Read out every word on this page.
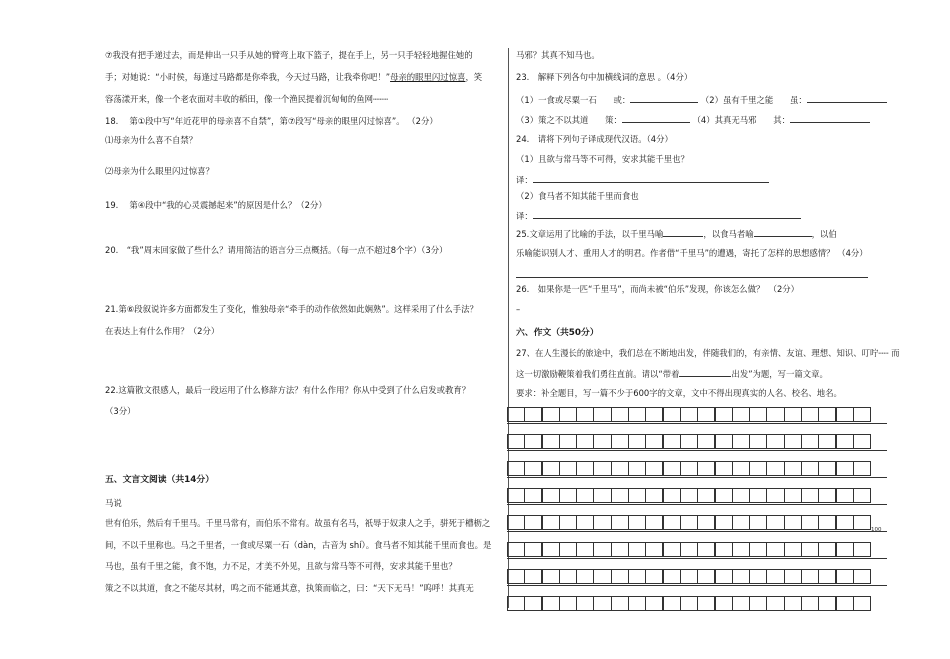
⑦我没有把手递过去，而是伸出一只手从她的臂弯上取下篮子，提在手上，另一只手轻轻地握住她的
手；对她说：“小时侯，每逢过马路都是你牵我，今天过马路，让我牵你吧！”母亲的眼里闪过惊喜，笑
容荡漾开来，像一个老农面对丰收的稻田，像一个渔民提着沉甸甸的鱼网┄┄┄
18.　 第①段中写“年近花甲的母亲喜不自禁”，第⑦段写“母亲的眼里闪过惊喜”。 （2分）
⑴母亲为什么喜不自禁？
⑵母亲为什么眼里闪过惊喜？
19.　 第④段中“我的心灵震撼起来”的原因是什么？（2分）
20.　“我”周末回家做了些什么？请用简洁的语言分三点概括。（每一点不超过8个字）（3分）
21.第⑥段叙说许多方面都发生了变化，惟独母亲“牵手的动作依然如此娴熟”。这样采用了什么手法？
在表达上有什么作用？（2分）
22.这篇散文很感人，最后一段运用了什么修辞方法？有什么作用？你从中受到了什么启发或教育？
（3分）
五、文言文阅读（共14分）
马说
世有伯乐，然后有千里马。千里马常有，而伯乐不常有。故虽有名马，祇辱于奴隶人之手，骈死于槽枥之
间，不以千里称也。马之千里者，一食或尽粟一石（dàn，古音为 shí）。食马者不知其能千里而食也。是
马也，虽有千里之能，食不饱，力不足，才美不外见，且欲与常马等不可得，安求其能千里也？
策之不以其道，食之不能尽其材，鸣之而不能通其意，执策而临之，曰：“天下无马！”呜呼！其真无
马邪？其真不知马也。
23.　解释下列各句中加横线词的意思 。（4分）
（1）一食或尽粟一石　　或：	（2）虽有千里之能　　虽：
（3）策之不以其道　　策：	（4）其真无马邪　　其：
24.　请将下列句子译成现代汉语。（4分）
（1）且欲与常马等不可得，安求其能千里也？
译：
（2）食马者不知其能千里而食也
译：
25.文章运用了比喻的手法，以千里马喻	，以食马者喻	，以伯
乐喻能识别人才、重用人才的明君。作者借“千里马”的遭遇，寄托了怎样的思想感情？ （4分）
26.　如果你是一匹“千里马”，而尚未被“伯乐”发现，你该怎么做？　（2分）
–
六、作文（共50分）
27、在人生漫长的旅途中，我们总在不断地出发，伴随我们的，有亲情、友谊、理想、知识、叮咛┄┄ 而
这一切激励鞭策着我们勇往直前。请以“带着	出发”为题，写一篇文章。
要求：补全题目，写一篇不少于600字的文章，文中不得出现真实的人名、校名、地名。
100
